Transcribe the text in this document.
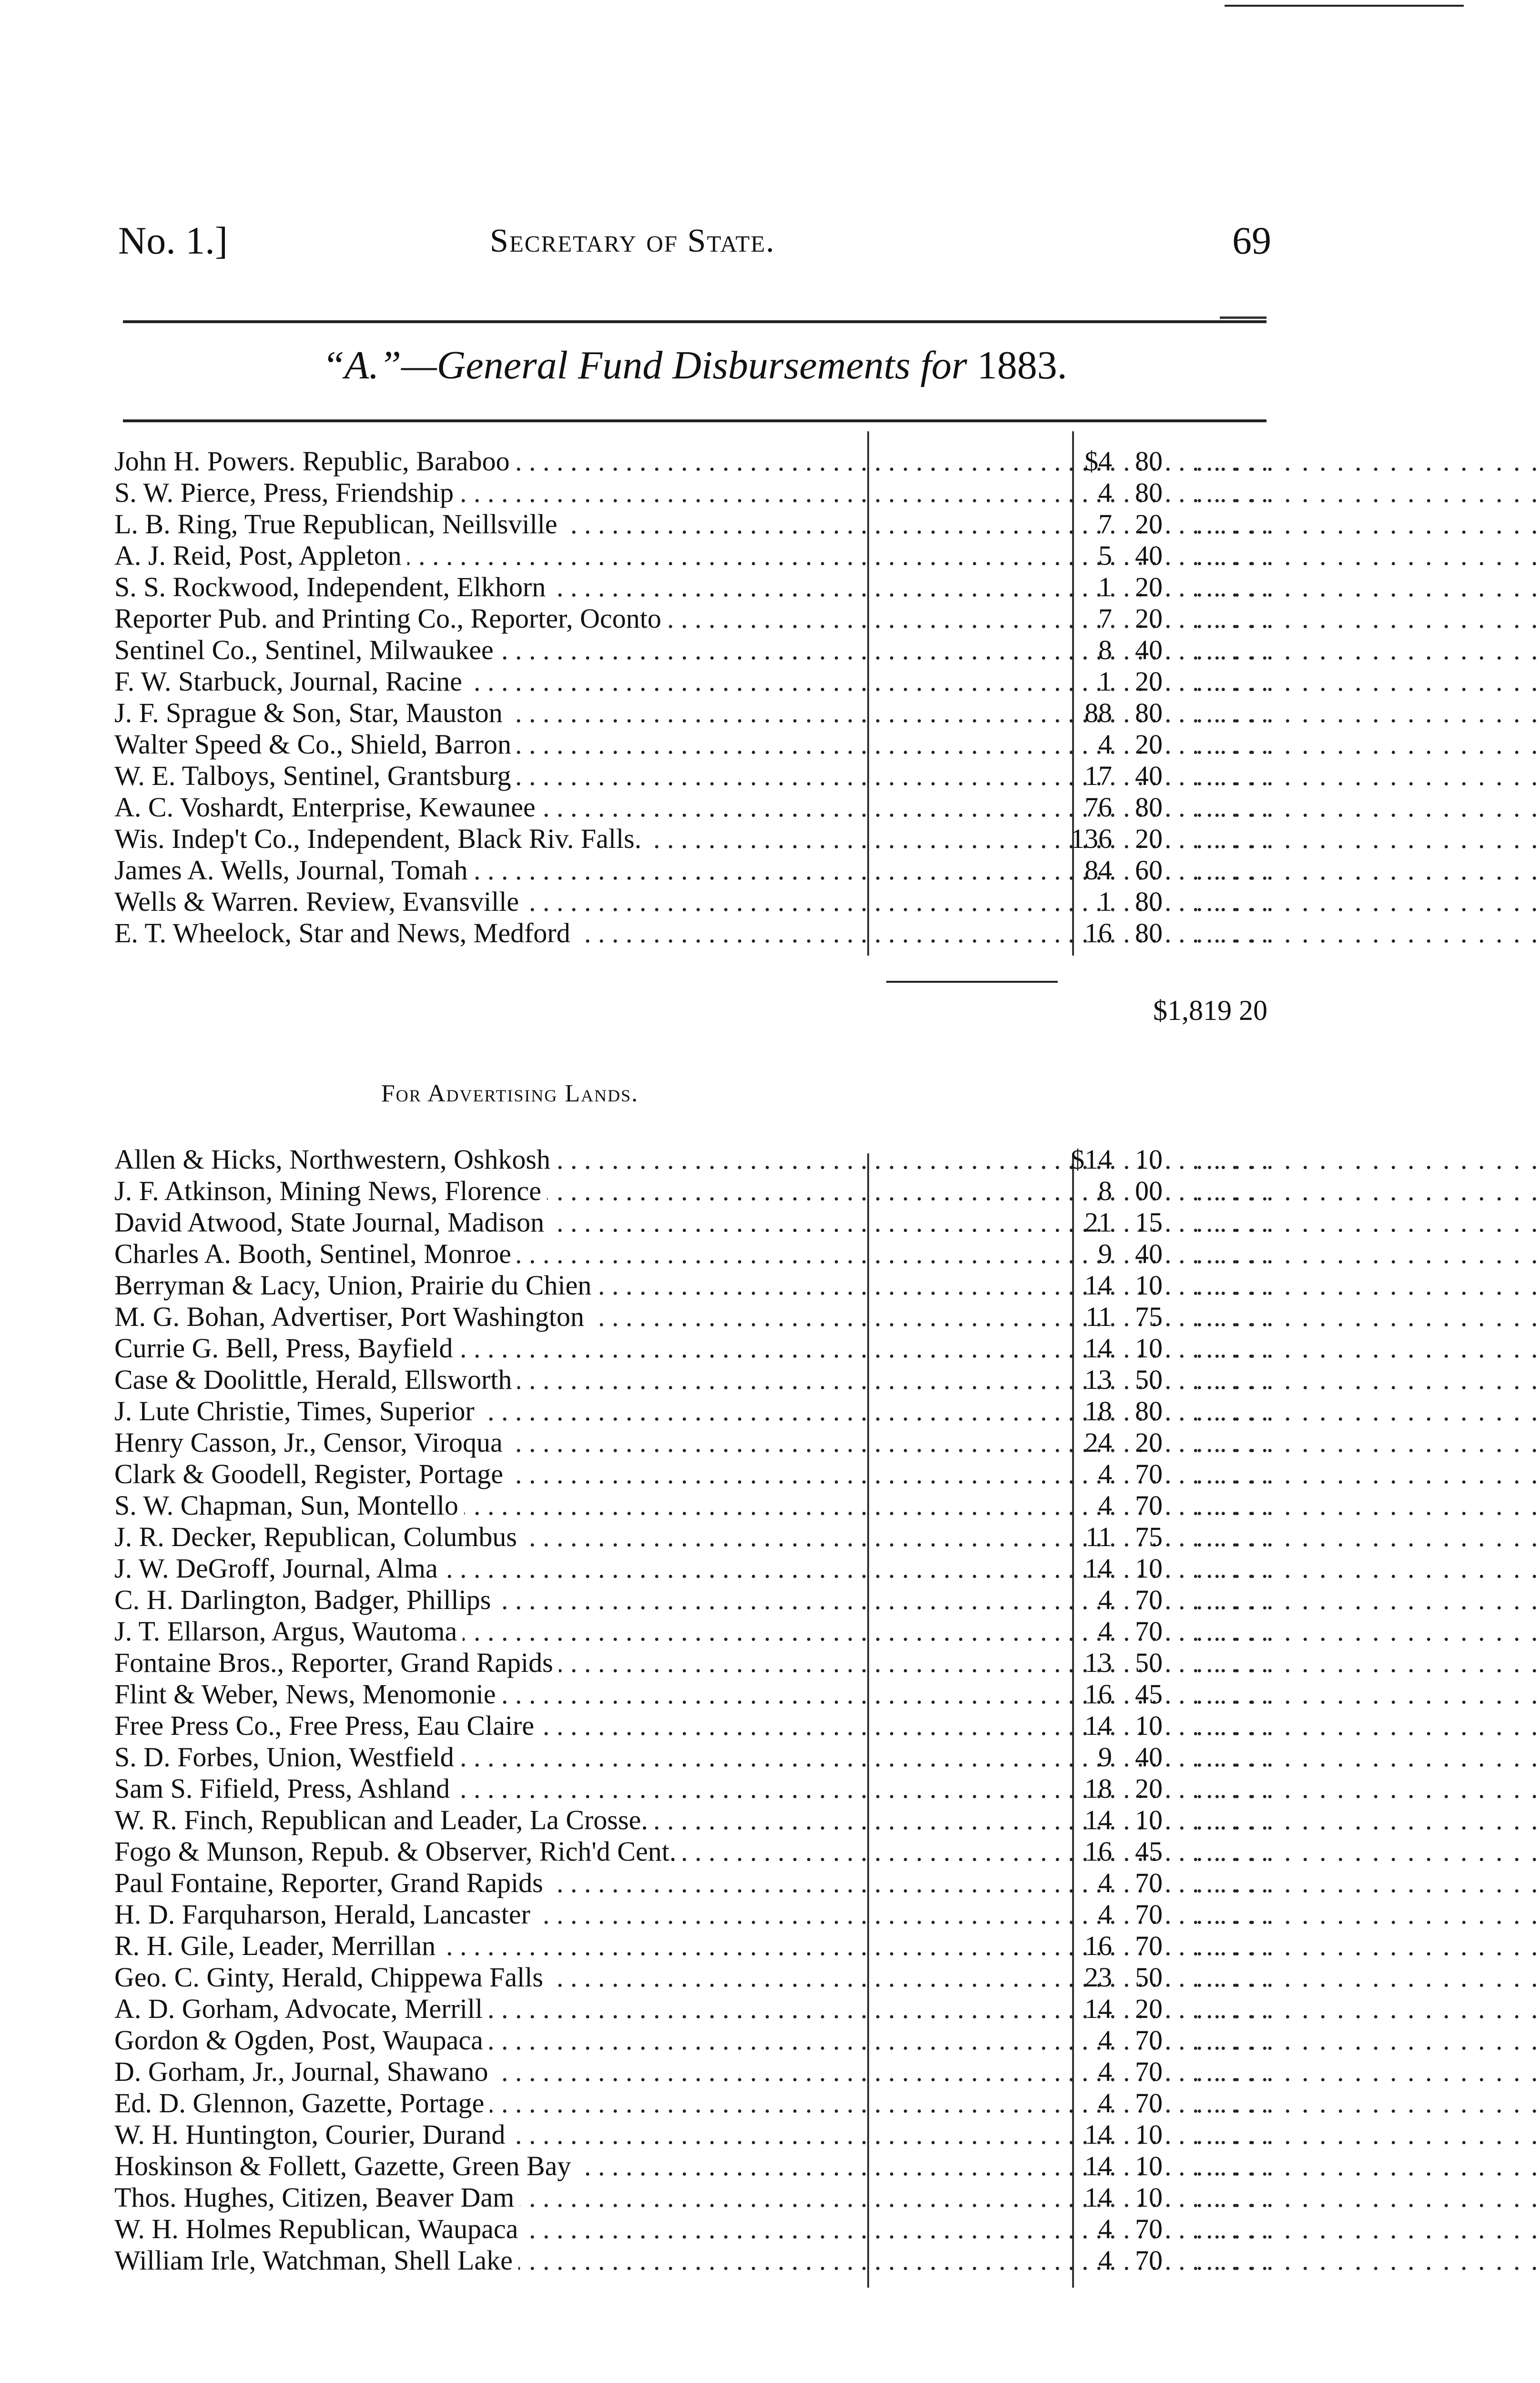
No. 1.]	Secretary of State.	69
“A.”—General Fund Disbursements for 1883.
John H. Powers. Republic, Baraboo . . .	$4 80 . . . . . . . . . . . . . . . . . . . .
S. W. Pierce, Press, Friendship . . .	4 80 . . . . . . . . . . . . . . . . . . . .
L. B. Ring, True Republican, Neillsville . . .	7 20 . . . . . . . . . . . . . . . . . . . .
A. J. Reid, Post, Appleton . . .	5 40 . . . . . . . . . . . . . . . . . . . .
S. S. Rockwood, Independent, Elkhorn . . .	1 20 . . . . . . . . . . . . . . . . . . . .
Reporter Pub. and Printing Co., Reporter, Oconto . . .	7 20 . . . . . . . . . . . . . . . . . . . .
Sentinel Co., Sentinel, Milwaukee . . .	8 40 . . . . . . . . . . . . . . . . . . . .
F. W. Starbuck, Journal, Racine . . .	1 20 . . . . . . . . . . . . . . . . . . . .
J. F. Sprague & Son, Star, Mauston . . .	88 80 . . . . . . . . . . . . . . . . . . . .
Walter Speed & Co., Shield, Barron . . .	4 20 . . . . . . . . . . . . . . . . . . . .
W. E. Talboys, Sentinel, Grantsburg . . .	17 40 . . . . . . . . . . . . . . . . . . . .
A. C. Voshardt, Enterprise, Kewaunee . . .	76 80 . . . . . . . . . . . . . . . . . . . .
Wis. Indep't Co., Independent, Black Riv. Falls. . . .	136 20 . . . . . . . . . . . . . . . . . . . .
James A. Wells, Journal, Tomah . . .	84 60 . . . . . . . . . . . . . . . . . . . .
Wells & Warren. Review, Evansville . . .	1 80 . . . . . . . . . . . . . . . . . . . .
E. T. Wheelock, Star and News, Medford . . .	16 80 . . . . . . . . . . . . . . . . . . . .
$1,819 20
For Advertising Lands.
Allen & Hicks, Northwestern, Oshkosh . . .	$14 10 . . . . . . . . . . . . . . . . . . . .
J. F. Atkinson, Mining News, Florence . . .	8 00 . . . . . . . . . . . . . . . . . . . .
David Atwood, State Journal, Madison . . .	21 15 . . . . . . . . . . . . . . . . . . . .
Charles A. Booth, Sentinel, Monroe . . .	9 40 . . . . . . . . . . . . . . . . . . . .
Berryman & Lacy, Union, Prairie du Chien . . .	14 10 . . . . . . . . . . . . . . . . . . . .
M. G. Bohan, Advertiser, Port Washington . . .	11 75 . . . . . . . . . . . . . . . . . . . .
Currie G. Bell, Press, Bayfield . . .	14 10 . . . . . . . . . . . . . . . . . . . .
Case & Doolittle, Herald, Ellsworth . . .	13 50 . . . . . . . . . . . . . . . . . . . .
J. Lute Christie, Times, Superior . . .	18 80 . . . . . . . . . . . . . . . . . . . .
Henry Casson, Jr., Censor, Viroqua . . .	24 20 . . . . . . . . . . . . . . . . . . . .
Clark & Goodell, Register, Portage . . .	4 70 . . . . . . . . . . . . . . . . . . . .
S. W. Chapman, Sun, Montello . . .	4 70 . . . . . . . . . . . . . . . . . . . .
J. R. Decker, Republican, Columbus . . .	11 75 . . . . . . . . . . . . . . . . . . . .
J. W. DeGroff, Journal, Alma . . .	14 10 . . . . . . . . . . . . . . . . . . . .
C. H. Darlington, Badger, Phillips . . .	4 70 . . . . . . . . . . . . . . . . . . . .
J. T. Ellarson, Argus, Wautoma . . .	4 70 . . . . . . . . . . . . . . . . . . . .
Fontaine Bros., Reporter, Grand Rapids . . .	13 50 . . . . . . . . . . . . . . . . . . . .
Flint & Weber, News, Menomonie . . .	16 45 . . . . . . . . . . . . . . . . . . . .
Free Press Co., Free Press, Eau Claire . . .	14 10 . . . . . . . . . . . . . . . . . . . .
S. D. Forbes, Union, Westfield . . .	9 40 . . . . . . . . . . . . . . . . . . . .
Sam S. Fifield, Press, Ashland . . .	18 20 . . . . . . . . . . . . . . . . . . . .
W. R. Finch, Republican and Leader, La Crosse. . . .	14 10 . . . . . . . . . . . . . . . . . . . .
Fogo & Munson, Repub. & Observer, Rich'd Cent. . . .	16 45 . . . . . . . . . . . . . . . . . . . .
Paul Fontaine, Reporter, Grand Rapids . . .	4 70 . . . . . . . . . . . . . . . . . . . .
H. D. Farquharson, Herald, Lancaster . . .	4 70 . . . . . . . . . . . . . . . . . . . .
R. H. Gile, Leader, Merrillan . . .	16 70 . . . . . . . . . . . . . . . . . . . .
Geo. C. Ginty, Herald, Chippewa Falls . . .	23 50 . . . . . . . . . . . . . . . . . . . .
A. D. Gorham, Advocate, Merrill . . .	14 20 . . . . . . . . . . . . . . . . . . . .
Gordon & Ogden, Post, Waupaca . . .	4 70 . . . . . . . . . . . . . . . . . . . .
D. Gorham, Jr., Journal, Shawano . . .	4 70 . . . . . . . . . . . . . . . . . . . .
Ed. D. Glennon, Gazette, Portage . . .	4 70 . . . . . . . . . . . . . . . . . . . .
W. H. Huntington, Courier, Durand . . .	14 10 . . . . . . . . . . . . . . . . . . . .
Hoskinson & Follett, Gazette, Green Bay . . .	14 10 . . . . . . . . . . . . . . . . . . . .
Thos. Hughes, Citizen, Beaver Dam . . .	14 10 . . . . . . . . . . . . . . . . . . . .
W. H. Holmes Republican, Waupaca . . .	4 70 . . . . . . . . . . . . . . . . . . . .
William Irle, Watchman, Shell Lake . . .	4 70 . . . . . . . . . . . . . . . . . . . .
